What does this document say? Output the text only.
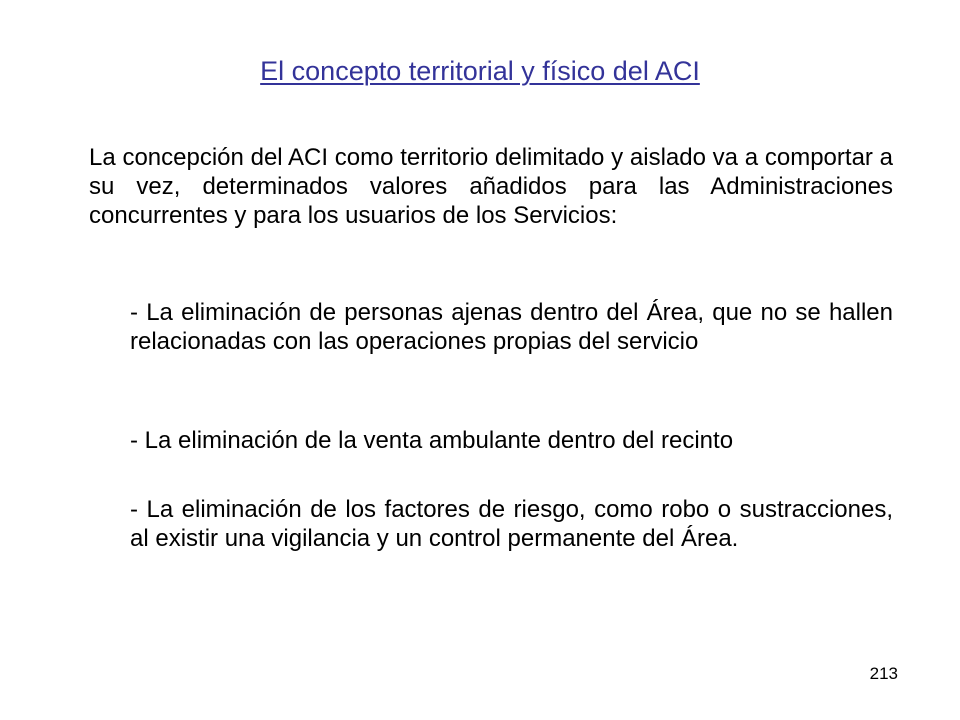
El concepto territorial y físico del ACI

La concepción del ACI como territorio delimitado y aislado va a comportar a su vez, determinados valores añadidos para las Administraciones concurrentes y para los usuarios de los Servicios:

- La eliminación de personas ajenas dentro del Área, que no se hallen relacionadas con las operaciones propias del servicio

- La eliminación de la venta ambulante dentro del recinto

- La eliminación de los factores de riesgo, como robo o sustracciones, al existir una vigilancia y un control permanente del Área.

213
